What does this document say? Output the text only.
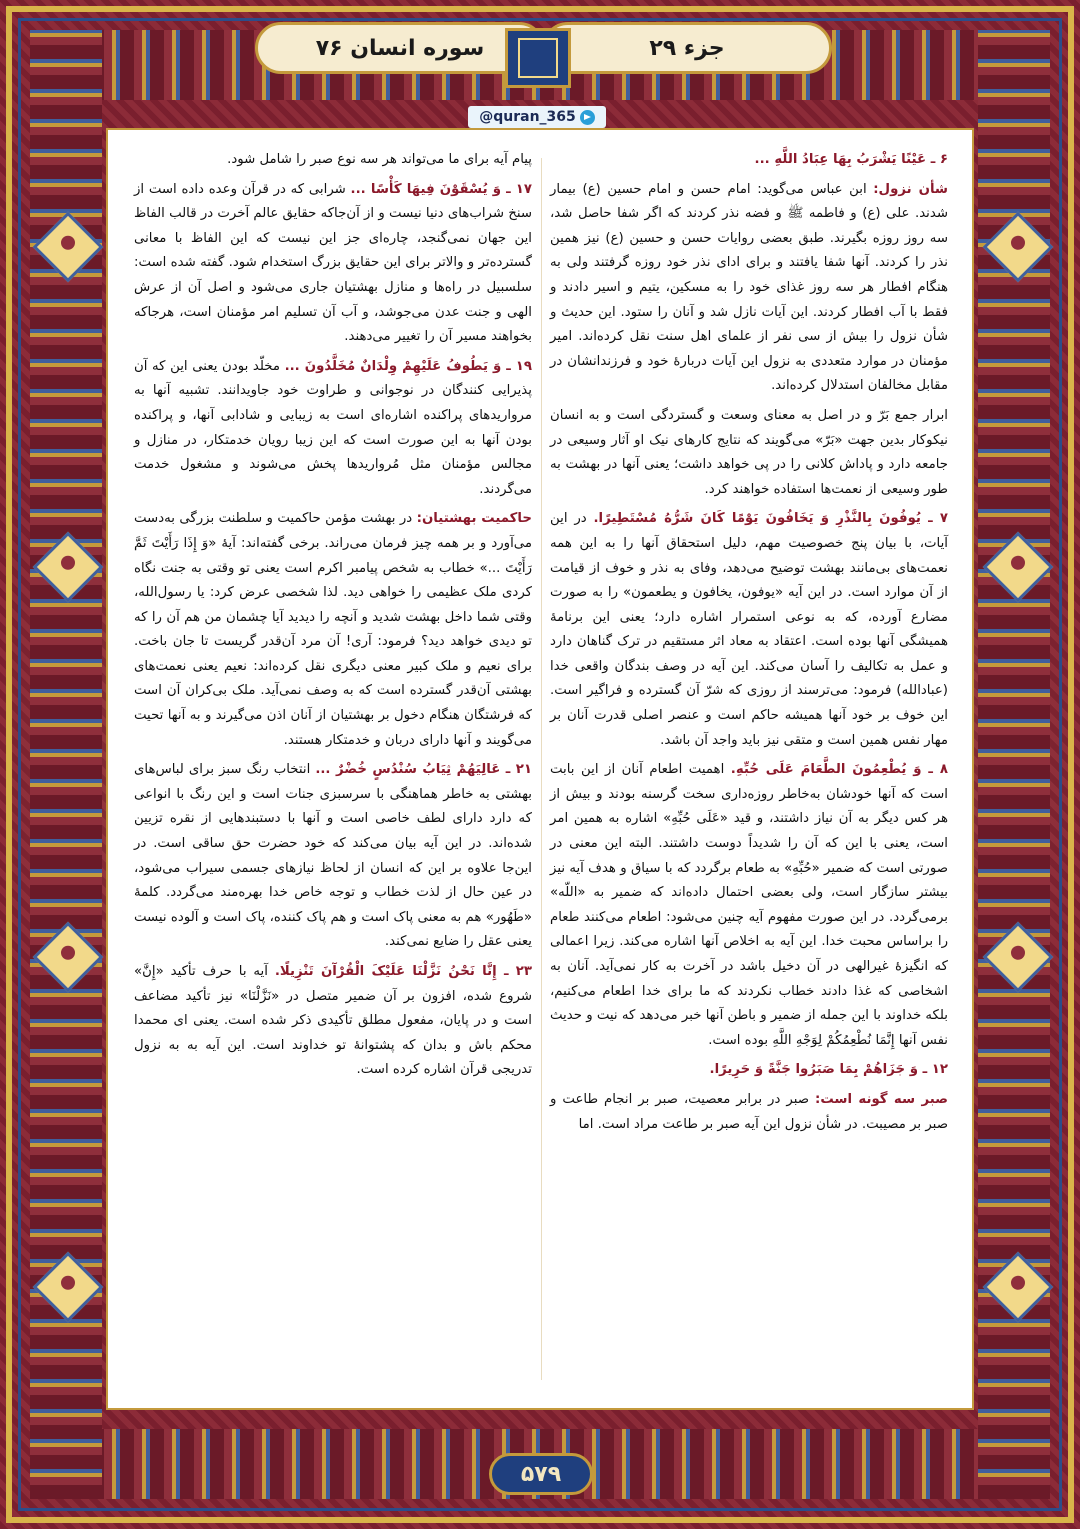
سوره انسان ۷۶	جزء ۲۹
@quran_365

۶ ـ عَیْنًا یَشْرَبُ بِهَا عِبَادُ اللَّهِ ...

شأن نزول: ابن عباس می‌گوید: امام حسن و امام حسین (ع) بیمار شدند. علی (ع) و فاطمه ﷺ و فضه نذر کردند که اگر شفا حاصل شد، سه روز روزه بگیرند. طبق بعضی روایات حسن و حسین (ع) نیز همین نذر را کردند. آنها شفا یافتند و برای ادای نذر خود روزه گرفتند ولی به هنگام افطار هر سه روز غذای خود را به مسکین، یتیم و اسیر دادند و فقط با آب افطار کردند. این آیات نازل شد و آنان را ستود. این حدیث و شأن نزول را بیش از سی نفر از علمای اهل سنت نقل کرده‌اند. امیر مؤمنان در موارد متعددی به نزول این آیات دربارهٔ خود و فرزندانشان در مقابل مخالفان استدلال کرده‌اند.

ابرار جمع بَرّ و در اصل به معنای وسعت و گستردگی است و به انسان نیکوکار بدین جهت «بَرّ» می‌گویند که نتایج کارهای نیک او آثار وسیعی در جامعه دارد و پاداش کلانی را در پی خواهد داشت؛ یعنی آنها در بهشت به طور وسیعی از نعمت‌ها استفاده خواهند کرد.

۷ ـ یُوفُونَ بِالنَّذْرِ وَ یَخَافُونَ یَوْمًا کَانَ شَرُّهُ مُسْتَطِیرًا. در این آیات، با بیان پنج خصوصیت مهم، دلیل استحقاق آنها را به این همه نعمت‌های بی‌مانند بهشت توضیح می‌دهد، وفای به نذر و خوف از قیامت از آن موارد است. در این آیه «یوفون، یخافون و یطعمون» را به صورت مضارع آورده، که به نوعی استمرار اشاره دارد؛ یعنی این برنامهٔ همیشگی آنها بوده است. اعتقاد به معاد اثر مستقیم در ترک گناهان دارد و عمل به تکالیف را آسان می‌کند. این آیه در وصف بندگان واقعی خدا (عبادالله) فرمود: می‌ترسند از روزی که شرّ آن گسترده و فراگیر است. این خوف بر خود آنها همیشه حاکم است و عنصر اصلی قدرت آنان بر مهار نفس همین است و متقی نیز باید واجد آن باشد.

۸ ـ وَ یُطْعِمُونَ الطَّعَامَ عَلَى حُبِّهِ. اهمیت اطعام آنان از این بابت است که آنها خودشان به‌خاطر روزه‌داری سخت گرسنه بودند و بیش از هر کس دیگر به آن نیاز داشتند، و قید «عَلَى حُبِّهِ» اشاره به همین امر است، یعنی با این که آن را شدیداً دوست داشتند. البته این معنی در صورتی است که ضمیر «حُبِّهِ» به طعام برگردد که با سیاق و هدف آیه نیز بیشتر سازگار است، ولی بعضی احتمال داده‌اند که ضمیر به «اللّه» برمی‌گردد. در این صورت مفهوم آیه چنین می‌شود: اطعام می‌کنند طعام را براساس محبت خدا. این آیه به اخلاص آنها اشاره می‌کند. زیرا اعمالی که انگیزهٔ غیرالهی در آن دخیل باشد در آخرت به کار نمی‌آید. آنان به اشخاصی که غذا دادند خطاب نکردند که ما برای خدا اطعام می‌کنیم، بلکه خداوند با این جمله از ضمیر و باطن آنها خبر می‌دهد که نیت و حدیث نفس آنها إِنَّمَا نُطْعِمُکُمْ لِوَجْهِ اللَّهِ بوده است.

۱۲ ـ وَ جَزَاهُمْ بِمَا صَبَرُوا جَنَّةً وَ حَرِیرًا.

صبر سه گونه است: صبر در برابر معصیت، صبر بر انجام طاعت و صبر بر مصیبت. در شأن نزول این آیه صبر بر طاعت مراد است. اما

پیام آیه برای ما می‌تواند هر سه نوع صبر را شامل شود.

۱۷ ـ وَ یُسْقَوْنَ فِیهَا کَأْسًا ... شرابی که در قرآن وعده داده است از سنخ شراب‌های دنیا نیست و از آن‌جاکه حقایق عالم آخرت در قالب الفاظ این جهان نمی‌گنجد، چاره‌ای جز این نیست که این الفاظ با معانی گسترده‌تر و والاتر برای این حقایق بزرگ استخدام شود. گفته شده است: سلسبیل در راه‌ها و منازل بهشتیان جاری می‌شود و اصل آن از عرش الهی و جنت عدن می‌جوشد، و آب آن تسلیم امر مؤمنان است، هرجاکه بخواهند مسیر آن را تغییر می‌دهند.

۱۹ ـ وَ یَطُوفُ عَلَیْهِمْ وِلْدَانٌ مُخَلَّدُونَ ... مخلّد بودن یعنی این که آن پذیرایی کنندگان در نوجوانی و طراوت خود جاویدانند. تشبیه آنها به مرواریدهای پراکنده اشاره‌ای است به زیبایی و شادابی آنها، و پراکنده بودن آنها به این صورت است که این زیبا رویان خدمتکار، در منازل و مجالس مؤمنان مثل مُرواریدها پخش می‌شوند و مشغول خدمت می‌گردند.

حاکمیت بهشتیان: در بهشت مؤمن حاکمیت و سلطنت بزرگی به‌دست می‌آورد و بر همه چیز فرمان می‌راند. برخی گفته‌اند: آیهٔ «وَ إِذَا رَأَیْتَ ثَمَّ رَأَیْتَ ...» خطاب به شخص پیامبر اکرم است یعنی تو وقتی به جنت نگاه کردی ملک عظیمی را خواهی دید. لذا شخصی عرض کرد: یا رسول‌الله، وقتی شما داخل بهشت شدید و آنچه را دیدید آیا چشمان من هم آن را که تو دیدی خواهد دید؟ فرمود: آری! آن مرد آن‌قدر گریست تا جان باخت. برای نعیم و ملک کبیر معنی دیگری نقل کرده‌اند: نعیم یعنی نعمت‌های بهشتی آن‌قدر گسترده است که به وصف نمی‌آید. ملک بی‌کران آن است که فرشتگان هنگام دخول بر بهشتیان از آنان اذن می‌گیرند و به آنها تحیت می‌گویند و آنها دارای دربان و خدمتکار هستند.

۲۱ ـ عَالِیَهُمْ ثِیَابُ سُنْدُسٍ خُضْرٌ ... انتخاب رنگ سبز برای لباس‌های بهشتی به خاطر هماهنگی با سرسبزی جنات است و این رنگ با انواعی که دارد دارای لطف خاصی است و آنها با دستبندهایی از نقره تزیین شده‌اند. در این آیه بیان می‌کند که خود حضرت حق ساقی است. در این‌جا علاوه بر این که انسان از لحاظ نیازهای جسمی سیراب می‌شود، در عین حال از لذت خطاب و توجه خاص خدا بهره‌مند می‌گردد. کلمهٔ «طَهُور» هم به معنی پاک است و هم پاک کننده، پاک است و آلوده نیست یعنی عقل را ضایع نمی‌کند.

۲۳ ـ إِنَّا نَحْنُ نَزَّلْنَا عَلَیْکَ الْقُرْآنَ تَنْزِیلًا. آیه با حرف تأکید «إِنَّ» شروع شده، افزون بر آن ضمیر متصل در «نَزَّلْنَا» نیز تأکید مضاعف است و در پایان، مفعول مطلق تأکیدی ذکر شده است. یعنی ای محمدا محکم باش و بدان که پشتوانهٔ تو خداوند است. این آیه به به نزول تدریجی قرآن اشاره کرده است.

۵۷۹
